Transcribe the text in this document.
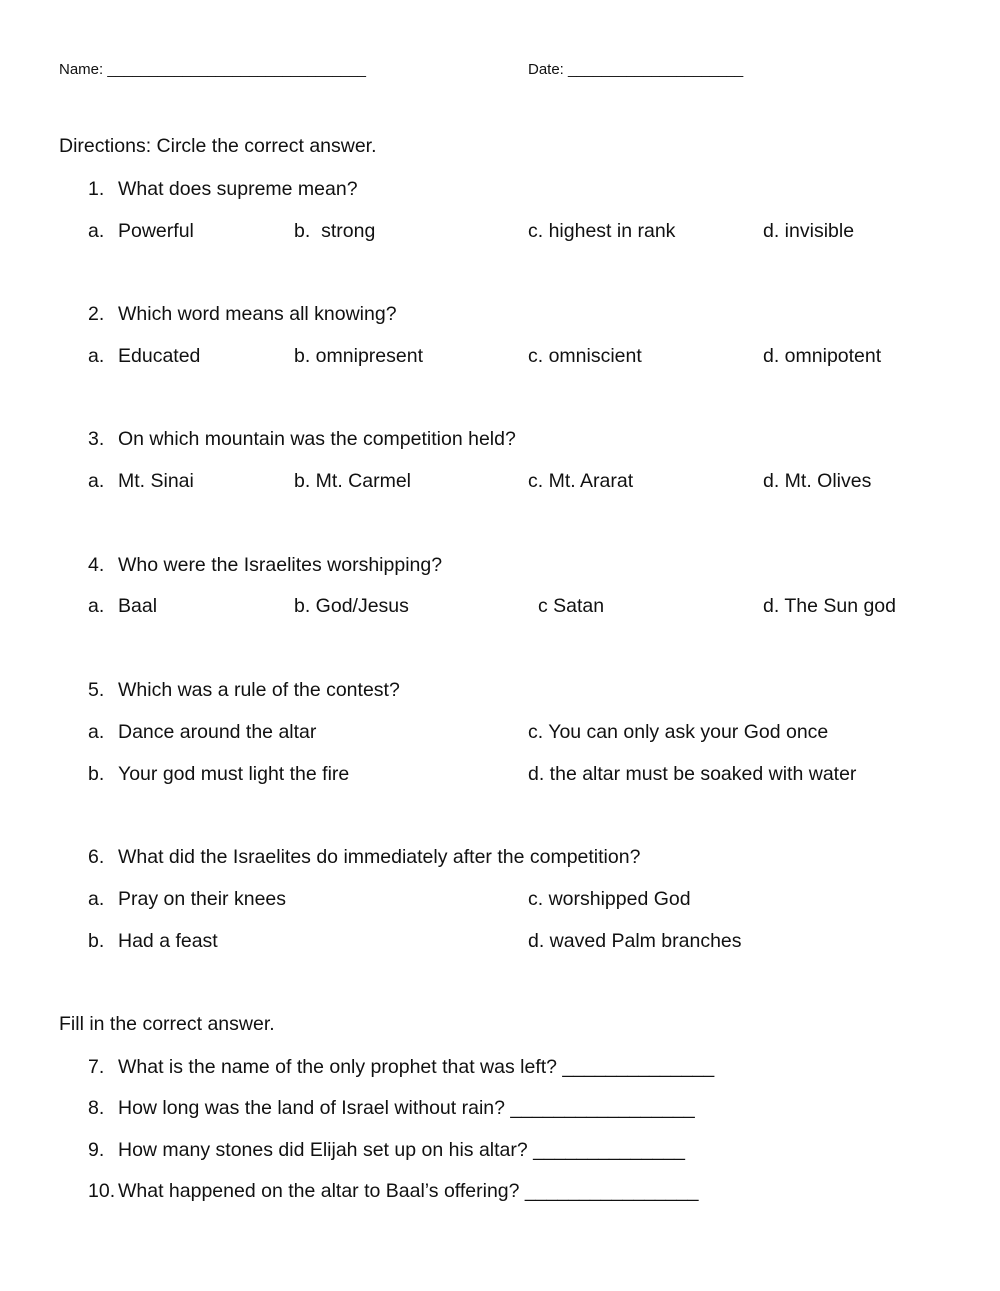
Name: _______________________________	Date: _____________________
Directions: Circle the correct answer.
1. What does supreme mean?
a. Powerful	b.  strong	c. highest in rank	d. invisible
2. Which word means all knowing?
a. Educated	b. omnipresent	c. omniscient	d. omnipotent
3. On which mountain was the competition held?
a. Mt. Sinai	b. Mt. Carmel	c. Mt. Ararat	d. Mt. Olives
4. Who were the Israelites worshipping?
a. Baal	b. God/Jesus	c Satan	d. The Sun god
5. Which was a rule of the contest?
a. Dance around the altar	c. You can only ask your God once
b. Your god must light the fire	d. the altar must be soaked with water
6. What did the Israelites do immediately after the competition?
a. Pray on their knees	c. worshipped God
b. Had a feast	d. waved Palm branches
Fill in the correct answer.
7. What is the name of the only prophet that was left? ______________
8. How long was the land of Israel without rain? _________________
9. How many stones did Elijah set up on his altar? ______________
10. What happened on the altar to Baal’s offering? ________________
